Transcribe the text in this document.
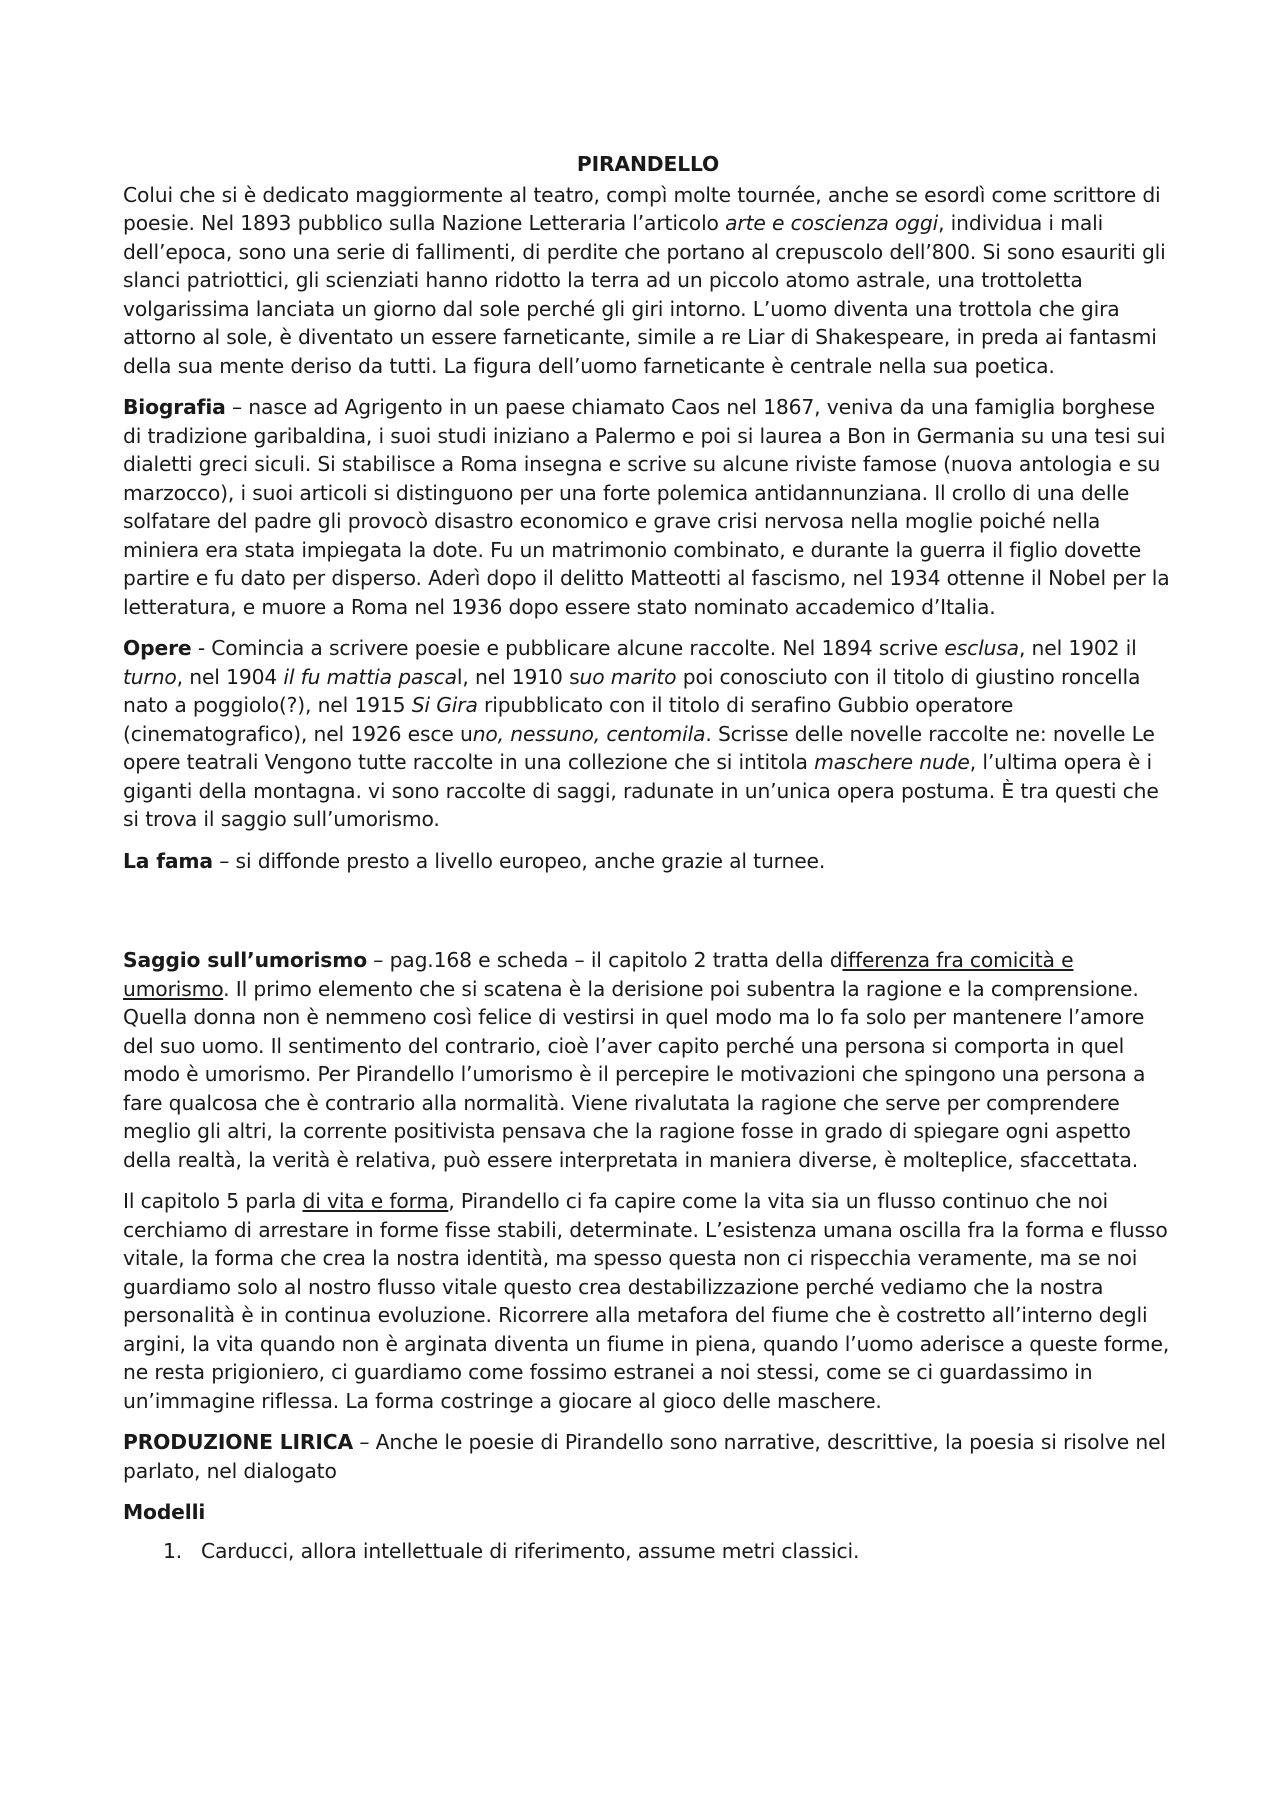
PIRANDELLO

Colui che si è dedicato maggiormente al teatro, compì molte tournée, anche se esordì come scrittore di poesie. Nel 1893 pubblico sulla Nazione Letteraria l’articolo arte e coscienza oggi, individua i mali dell’epoca, sono una serie di fallimenti, di perdite che portano al crepuscolo dell’800. Si sono esauriti gli slanci patriottici, gli scienziati hanno ridotto la terra ad un piccolo atomo astrale, una trottoletta volgarissima lanciata un giorno dal sole perché gli giri intorno. L’uomo diventa una trottola che gira attorno al sole, è diventato un essere farneticante, simile a re Liar di Shakespeare, in preda ai fantasmi della sua mente deriso da tutti. La figura dell’uomo farneticante è centrale nella sua poetica.

Biografia – nasce ad Agrigento in un paese chiamato Caos nel 1867, veniva da una famiglia borghese di tradizione garibaldina, i suoi studi iniziano a Palermo e poi si laurea a Bon in Germania su una tesi sui dialetti greci siculi. Si stabilisce a Roma insegna e scrive su alcune riviste famose (nuova antologia e su marzocco), i suoi articoli si distinguono per una forte polemica antidannunziana. Il crollo di una delle solfatare del padre gli provocò disastro economico e grave crisi nervosa nella moglie poiché nella miniera era stata impiegata la dote. Fu un matrimonio combinato, e durante la guerra il figlio dovette partire e fu dato per disperso. Aderì dopo il delitto Matteotti al fascismo, nel 1934 ottenne il Nobel per la letteratura, e muore a Roma nel 1936 dopo essere stato nominato accademico d’Italia.

Opere - Comincia a scrivere poesie e pubblicare alcune raccolte. Nel 1894 scrive esclusa, nel 1902 il turno, nel 1904 il fu mattia pascal, nel 1910 suo marito poi conosciuto con il titolo di giustino roncella nato a poggiolo(?), nel 1915 Si Gira ripubblicato con il titolo di serafino Gubbio operatore (cinematografico), nel 1926 esce uno, nessuno, centomila. Scrisse delle novelle raccolte ne: novelle Le opere teatrali Vengono tutte raccolte in una collezione che si intitola maschere nude, l’ultima opera è i giganti della montagna. vi sono raccolte di saggi, radunate in un’unica opera postuma. È tra questi che si trova il saggio sull’umorismo.

La fama – si diffonde presto a livello europeo, anche grazie al turnee.

Saggio sull’umorismo – pag.168 e scheda – il capitolo 2 tratta della differenza fra comicità e umorismo. Il primo elemento che si scatena è la derisione poi subentra la ragione e la comprensione. Quella donna non è nemmeno così felice di vestirsi in quel modo ma lo fa solo per mantenere l’amore del suo uomo. Il sentimento del contrario, cioè l’aver capito perché una persona si comporta in quel modo è umorismo. Per Pirandello l’umorismo è il percepire le motivazioni che spingono una persona a fare qualcosa che è contrario alla normalità. Viene rivalutata la ragione che serve per comprendere meglio gli altri, la corrente positivista pensava che la ragione fosse in grado di spiegare ogni aspetto della realtà, la verità è relativa, può essere interpretata in maniera diverse, è molteplice, sfaccettata.

Il capitolo 5 parla di vita e forma, Pirandello ci fa capire come la vita sia un flusso continuo che noi cerchiamo di arrestare in forme fisse stabili, determinate. L’esistenza umana oscilla fra la forma e flusso vitale, la forma che crea la nostra identità, ma spesso questa non ci rispecchia veramente, ma se noi guardiamo solo al nostro flusso vitale questo crea destabilizzazione perché vediamo che la nostra personalità è in continua evoluzione. Ricorrere alla metafora del fiume che è costretto all’interno degli argini, la vita quando non è arginata diventa un fiume in piena, quando l’uomo aderisce a queste forme, ne resta prigioniero, ci guardiamo come fossimo estranei a noi stessi, come se ci guardassimo in un’immagine riflessa. La forma costringe a giocare al gioco delle maschere.

PRODUZIONE LIRICA – Anche le poesie di Pirandello sono narrative, descrittive, la poesia si risolve nel parlato, nel dialogato

Modelli
1. Carducci, allora intellettuale di riferimento, assume metri classici.
